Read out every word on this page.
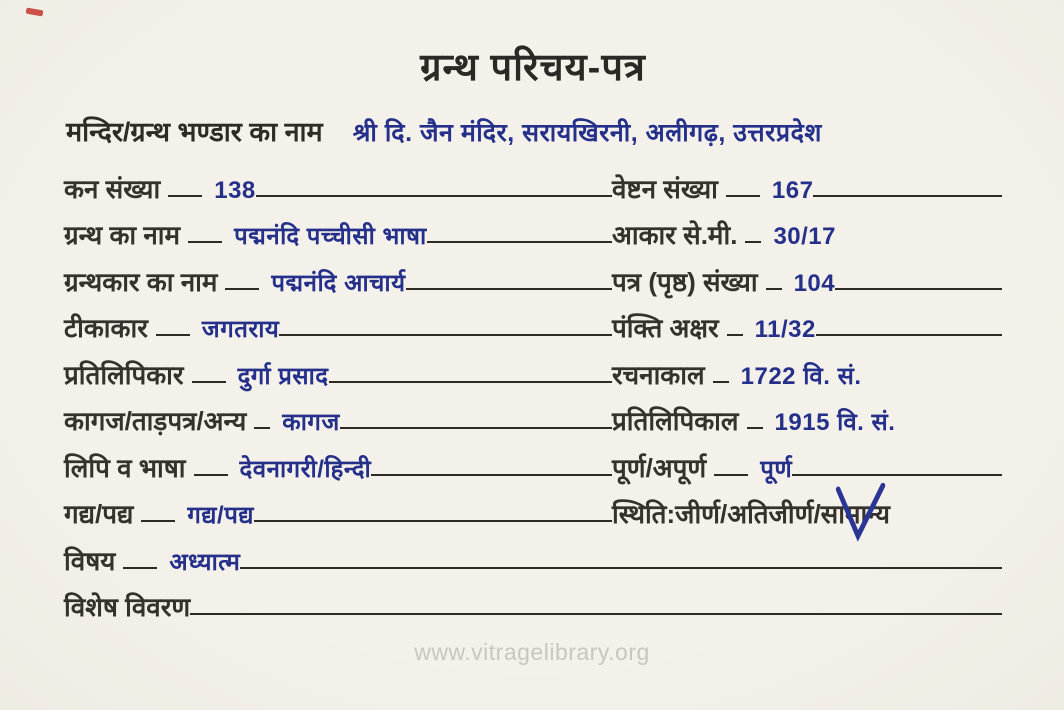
ग्रन्थ परिचय-पत्र
मन्दिर/ग्रन्थ भण्डार का नाम श्री दि. जैन मंदिर, सरायखिरनी, अलीगढ़, उत्तरप्रदेश
कन संख्या 138	वेष्टन संख्या 167
ग्रन्थ का नाम पद्मनंदि पच्चीसी भाषा	आकार से.मी. 30/17
ग्रन्थकार का नाम पद्मनंदि आचार्य	पत्र (पृष्ठ) संख्या 104
टीकाकार जगतराय	पंक्ति अक्षर 11/32
प्रतिलिपिकार दुर्गा प्रसाद	रचनाकाल 1722 वि. सं.
कागज/ताड़पत्र/अन्य कागज	प्रतिलिपिकाल 1915 वि. सं.
लिपि व भाषा देवनागरी/हिन्दी	पूर्ण/अपूर्ण पूर्ण
गद्य/पद्य गद्य/पद्य	स्थिति:जीर्ण/अतिजीर्ण/ सामान्य
विषय अध्यात्म
विशेष विवरण
www.vitragelibrary.org
